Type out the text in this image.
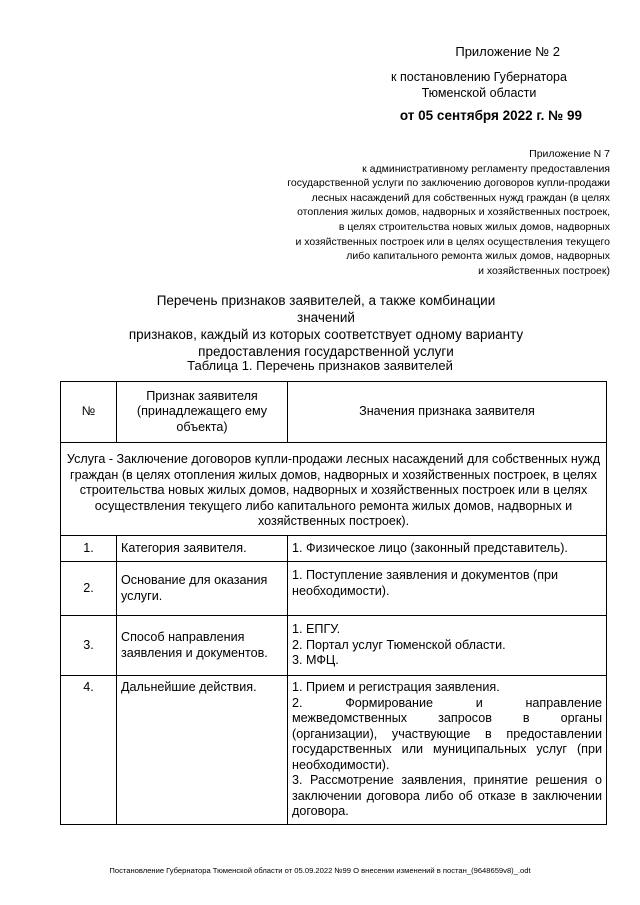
Приложение № 2
к постановлению Губернатора
Тюменской области
от 05 сентября 2022 г. № 99
Приложение N 7
к административному регламенту предоставления
государственной услуги по заключению договоров купли-продажи
лесных насаждений для собственных нужд граждан (в целях
отопления жилых домов, надворных и хозяйственных построек,
в целях строительства новых жилых домов, надворных
и хозяйственных построек или в целях осуществления текущего
либо капитального ремонта жилых домов, надворных
и хозяйственных построек)
Перечень признаков заявителей, а также комбинации значений
признаков, каждый из которых соответствует одному варианту
предоставления государственной услуги
Таблица 1. Перечень признаков заявителей
№	Признак заявителя (принадлежащего ему объекта)	Значения признака заявителя
Услуга - Заключение договоров купли-продажи лесных насаждений для собственных нужд граждан (в целях отопления жилых домов, надворных и хозяйственных построек, в целях строительства новых жилых домов, надворных и хозяйственных построек или в целях осуществления текущего либо капитального ремонта жилых домов, надворных и хозяйственных построек).		
1.	Категория заявителя.	1. Физическое лицо (законный представитель).
2.	Основание для оказания услуги.	1. Поступление заявления и документов (при необходимости).
3.	Способ направления заявления и документов.	1. ЕПГУ.
2. Портал услуг Тюменской области.
3. МФЦ.

4.	Дальнейшие действия.	1. Прием и регистрация заявления.
2. Формирование и направление межведомственных запросов в органы (организации), участвующие в предоставлении государственных или муниципальных услуг (при необходимости).
3. Рассмотрение заявления, принятие решения о заключении договора либо об отказе в заключении договора.
Постановление Губернатора Тюменской области от 05.09.2022 №99 О внесении изменений в постан_(9648659v8)_.odt
